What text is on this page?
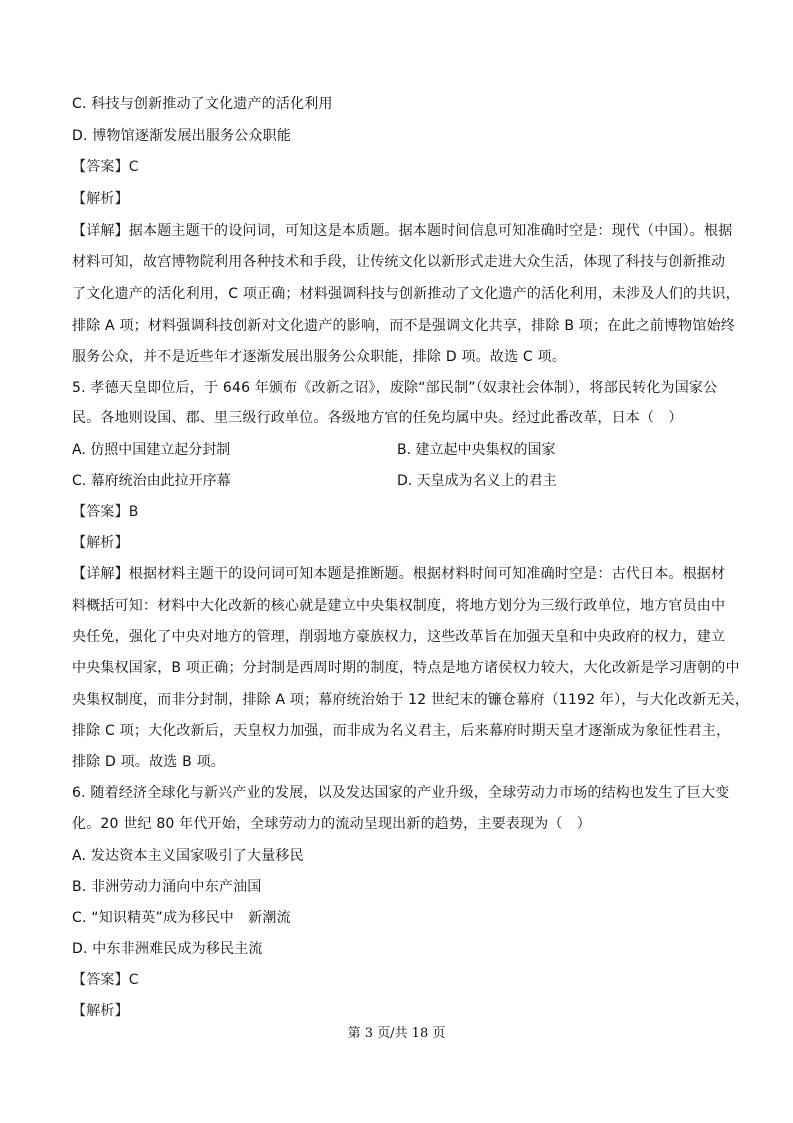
C. 科技与创新推动了文化遗产的活化利用
D. 博物馆逐渐发展出服务公众职能
【答案】C
【解析】
【详解】据本题主题干的设问词，可知这是本质题。据本题时间信息可知准确时空是：现代（中国）。根据
材料可知，故宫博物院利用各种技术和手段，让传统文化以新形式走进大众生活，体现了科技与创新推动
了文化遗产的活化利用，C 项正确；材料强调科技与创新推动了文化遗产的活化利用，未涉及人们的共识，
排除 A 项；材料强调科技创新对文化遗产的影响，而不是强调文化共享，排除 B 项；在此之前博物馆始终
服务公众，并不是近些年才逐渐发展出服务公众职能，排除 D 项。故选 C 项。
5. 孝德天皇即位后，于 646 年颁布《改新之诏》，废除“部民制”（奴隶社会体制），将部民转化为国家公
民。各地则设国、郡、里三级行政单位。各级地方官的任免均属中央。经过此番改革，日本（　）
A. 仿照中国建立起分封制	B. 建立起中央集权的国家
C. 幕府统治由此拉开序幕	D. 天皇成为名义上的君主
【答案】B
【解析】
【详解】根据材料主题干的设问词可知本题是推断题。根据材料时间可知准确时空是：古代日本。根据材
料概括可知：材料中大化改新的核心就是建立中央集权制度，将地方划分为三级行政单位，地方官员由中
央任免，强化了中央对地方的管理，削弱地方豪族权力，这些改革旨在加强天皇和中央政府的权力，建立
中央集权国家，B 项正确；分封制是西周时期的制度，特点是地方诸侯权力较大，大化改新是学习唐朝的中
央集权制度，而非分封制，排除 A 项；幕府统治始于 12 世纪末的镰仓幕府（1192 年），与大化改新无关，
排除 C 项；大化改新后，天皇权力加强，而非成为名义君主，后来幕府时期天皇才逐渐成为象征性君主，
排除 D 项。故选 B 项。
6. 随着经济全球化与新兴产业的发展，以及发达国家的产业升级，全球劳动力市场的结构也发生了巨大变
化。20 世纪 80 年代开始，全球劳动力的流动呈现出新的趋势，主要表现为（　）
A. 发达资本主义国家吸引了大量移民
B. 非洲劳动力涌向中东产油国
C. “知识精英”成为移民中　新潮流
D. 中东非洲难民成为移民主流
【答案】C
【解析】
第 3 页/共 18 页
